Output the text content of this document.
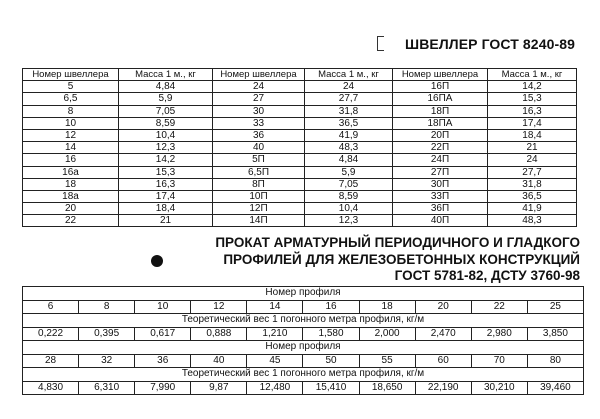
ШВЕЛЛЕР ГОСТ 8240-89
Номер швеллера	Масса 1 м., кг	Номер швеллера	Масса 1 м., кг	Номер швеллера	Масса 1 м., кг
5	4,84	24	24	16П	14,2
6,5	5,9	27	27,7	16ПА	15,3
8	7,05	30	31,8	18П	16,3
10	8,59	33	36,5	18ПА	17,4
12	10,4	36	41,9	20П	18,4
14	12,3	40	48,3	22П	21
16	14,2	5П	4,84	24П	24
16а	15,3	6,5П	5,9	27П	27,7
18	16,3	8П	7,05	30П	31,8
18а	17,4	10П	8,59	33П	36,5
20	18,4	12П	10,4	36П	41,9
22	21	14П	12,3	40П	48,3
ПРОКАТ АРМАТУРНЫЙ ПЕРИОДИЧНОГО И ГЛАДКОГО
ПРОФИЛЕЙ ДЛЯ ЖЕЛЕЗОБЕТОННЫХ КОНСТРУКЦИЙ
ГОСТ 5781-82, ДСТУ 3760-98
Номер профиля									
6	8	10	12	14	16	18	20	22	25
Теоретический вес 1 погонного метра профиля, кг/м									
0,222	0,395	0,617	0,888	1,210	1,580	2,000	2,470	2,980	3,850
Номер профиля									
28	32	36	40	45	50	55	60	70	80
Теоретический вес 1 погонного метра профиля, кг/м									
4,830	6,310	7,990	9,87	12,480	15,410	18,650	22,190	30,210	39,460
